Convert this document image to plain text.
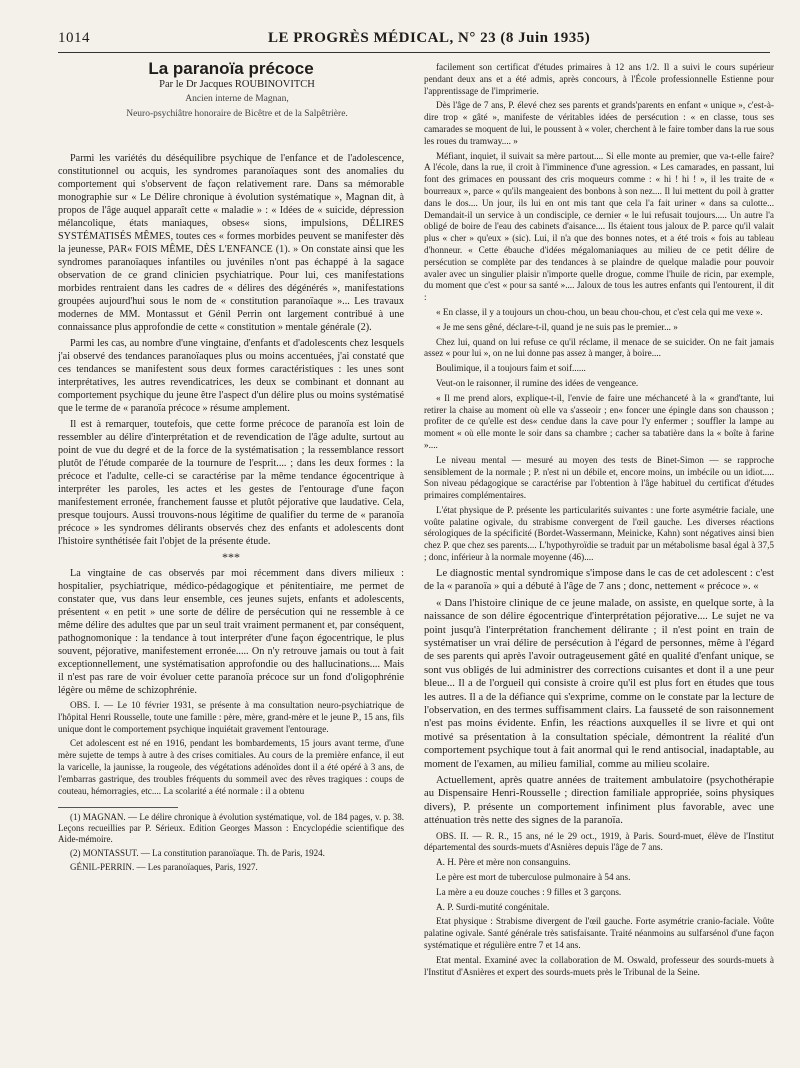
1014	LE PROGRÈS MÉDICAL, N° 23 (8 Juin 1935)

La paranoïa précoce

Par le Dr Jacques ROUBINOVITCH

Ancien interne de Magnan,

Neuro-psychiâtre honoraire de Bicêtre et de la Salpêtrière.

Parmi les variétés du déséquilibre psychique de l'enfance et de l'adolescence, constitutionnel ou acquis, les syndromes paranoïaques sont des anomalies du comportement qui s'observent de façon relativement rare. Dans sa mémorable monographie sur « Le Délire chronique à évolution systématique », Magnan dit, à propos de l'âge auquel apparaît cette « maladie » : « Idées de « suicide, dépression mélancolique, états maniaques, obses« sions, impulsions, DÉLIRES SYSTÉMATISÉS MÊMES, toutes ces « formes morbides peuvent se manifester dès la jeunesse, PAR« FOIS MÊME, DÈS L'ENFANCE (1). » On constate ainsi que les syndromes paranoïaques infantiles ou juvéniles n'ont pas échappé à la sagace observation de ce grand clinicien psychiatrique. Pour lui, ces manifestations morbides rentraient dans les cadres de « délires des dégénérés », manifestations groupées aujourd'hui sous le nom de « constitution paranoïaque »... Les travaux modernes de MM. Montassut et Génil Perrin ont largement contribué à une connaissance plus approfondie de cette « constitution » mentale générale (2).

Parmi les cas, au nombre d'une vingtaine, d'enfants et d'adolescents chez lesquels j'ai observé des tendances paranoïaques plus ou moins accentuées, j'ai constaté que ces tendances se manifestent sous deux formes caractéristiques : les unes sont interprétatives, les autres revendicatrices, les deux se combinant et donnant au comportement psychique du jeune être l'aspect d'un délire plus ou moins systématisé que le terme de « paranoïa précoce » résume amplement.

Il est à remarquer, toutefois, que cette forme précoce de paranoïa est loin de ressembler au délire d'interprétation et de revendication de l'âge adulte, surtout au point de vue du degré et de la force de la systématisation ; la ressemblance ressort plutôt de l'étude comparée de la tournure de l'esprit.... ; dans les deux formes : la précoce et l'adulte, celle-ci se caractérise par la même tendance égocentrique à interpréter les paroles, les actes et les gestes de l'entourage d'une façon manifestement erronée, franchement fausse et plutôt péjorative que laudative. Cela, presque toujours. Aussi trouvons-nous légitime de qualifier du terme de « paranoïa précoce » les syndromes délirants observés chez des enfants et adolescents dont l'histoire synthétisée fait l'objet de la présente étude.

***

La vingtaine de cas observés par moi récemment dans divers milieux : hospitalier, psychiatrique, médico-pédagogique et pénitentiaire, me permet de constater que, vus dans leur ensemble, ces jeunes sujets, enfants et adolescents, présentent « en petit » une sorte de délire de persécution qui ne ressemble à ce même délire des adultes que par un seul trait vraiment permanent et, par conséquent, pathognomonique : la tendance à tout interpréter d'une façon égocentrique, le plus souvent, péjorative, manifestement erronée..... On n'y retrouve jamais ou tout à fait exceptionnellement, une systématisation approfondie ou des hallucinations.... Mais il n'est pas rare de voir évoluer cette paranoïa précoce sur un fond d'oligophrénie légère ou même de schizophrénie.

OBS. I. — Le 10 février 1931, se présente à ma consultation neuro-psychiatrique de l'hôpital Henri Rousselle, toute une famille : père, mère, grand-mère et le jeune P., 15 ans, fils unique dont le comportement psychique inquiétait gravement l'entourage.

Cet adolescent est né en 1916, pendant les bombardements, 15 jours avant terme, d'une mère sujette de temps à autre à des crises comitiales. Au cours de la première enfance, il eut la varicelle, la jaunisse, la rougeole, des végétations adénoïdes dont il a été opéré à 3 ans, de l'embarras gastrique, des troubles fréquents du sommeil avec des rêves tragiques : coups de couteau, hémorragies, etc.... La scolarité a été normale : il a obtenu

(1) MAGNAN. — Le délire chronique à évolution systématique, vol. de 184 pages, v. p. 38. Leçons recueillies par P. Sérieux. Edition Georges Masson : Encyclopédie scientifique des Aide-mémoire.

(2) MONTASSUT. — La constitution paranoïaque. Th. de Paris, 1924.

GÉNIL-PERRIN. — Les paranoïaques, Paris, 1927.

facilement son certificat d'études primaires à 12 ans 1/2. Il a suivi le cours supérieur pendant deux ans et a été admis, après concours, à l'École professionnelle Estienne pour l'apprentissage de l'imprimerie.

Dès l'âge de 7 ans, P. élevé chez ses parents et grands'parents en enfant « unique », c'est-à-dire trop « gâté », manifeste de véritables idées de persécution : « en classe, tous ses camarades se moquent de lui, le poussent à « voler, cherchent à le faire tomber dans la rue sous les roues du tramway.... »

Méfiant, inquiet, il suivait sa mère partout.... Si elle monte au premier, que va-t-elle faire? A l'école, dans la rue, il croit à l'imminence d'une agression. « Les camarades, en passant, lui font des grimaces en poussant des cris moqueurs comme : « hi ! hi ! », il les traite de « bourreaux », parce « qu'ils mangeaient des bonbons à son nez.... Il lui mettent du poil à gratter dans le dos.... Un jour, ils lui en ont mis tant que cela l'a fait uriner « dans sa culotte... Demandait-il un service à un condisciple, ce dernier « le lui refusait toujours..... Un autre l'a obligé de boire de l'eau des cabinets d'aisance.... Ils étaient tous jaloux de P. parce qu'il valait plus « cher » qu'eux » (sic). Lui, il n'a que des bonnes notes, et a été trois « fois au tableau d'honneur. « Cette ébauche d'idées mégalomaniaques au milieu de ce petit délire de persécution se complète par des tendances à se plaindre de quelque maladie pour pouvoir avaler avec un singulier plaisir n'importe quelle drogue, comme l'huile de ricin, par exemple, du moment que c'est « pour sa santé ».... Jaloux de tous les autres enfants qui l'entourent, il dit :

« En classe, il y a toujours un chou-chou, un beau chou-chou, et c'est cela qui me vexe ».

« Je me sens gêné, déclare-t-il, quand je ne suis pas le premier... »

Chez lui, quand on lui refuse ce qu'il réclame, il menace de se suicider. On ne fait jamais assez « pour lui », on ne lui donne pas assez à manger, à boire....

Boulimique, il a toujours faim et soif......

Veut-on le raisonner, il rumine des idées de vengeance.

« Il me prend alors, explique-t-il, l'envie de faire une méchanceté à la « grand'tante, lui retirer la chaise au moment où elle va s'asseoir ; en« foncer une épingle dans son chausson ; profiter de ce qu'elle est des« cendue dans la cave pour l'y enfermer ; souffler la lampe au moment « où elle monte le soir dans sa chambre ; cacher sa tabatière dans la « boîte à farine »....

Le niveau mental — mesuré au moyen des tests de Binet-Simon — se rapproche sensiblement de la normale ; P. n'est ni un débile et, encore moins, un imbécile ou un idiot..... Son niveau pédagogique se caractérise par l'obtention à l'âge habituel du certificat d'études primaires complémentaires.

L'état physique de P. présente les particularités suivantes : une forte asymétrie faciale, une voûte palatine ogivale, du strabisme convergent de l'œil gauche. Les diverses réactions sérologiques de la spécificité (Bordet-Wassermann, Meinicke, Kahn) sont négatives ainsi bien chez P. que chez ses parents.... L'hypothyroïdie se traduit par un métabolisme basal égal à 37,5 ; donc, inférieur à la normale moyenne (46)....

Le diagnostic mental syndromique s'impose dans le cas de cet adolescent : c'est de la « paranoïa » qui a débuté à l'âge de 7 ans ; donc, nettement « précoce ». «

« Dans l'histoire clinique de ce jeune malade, on assiste, en quelque sorte, à la naissance de son délire égocentrique d'interprétation péjorative.... Le sujet ne va point jusqu'à l'interprétation franchement délirante ; il n'est point en train de systématiser un vrai délire de persécution à l'égard de personnes, même à l'égard de ses parents qui après l'avoir outrageusement gâté en qualité d'enfant unique, se sont vus obligés de lui administrer des corrections cuisantes et dont il a une peur bleue... Il a de l'orgueil qui consiste à croire qu'il est plus fort en études que tous les autres. Il a de la défiance qui s'exprime, comme on le constate par la lecture de l'observation, en des termes suffisamment clairs. La fausseté de son raisonnement n'est pas moins évidente. Enfin, les réactions auxquelles il se livre et qui ont motivé sa présentation à la consultation spéciale, démontrent la réalité d'un comportement psychique tout à fait anormal qui le rend antisocial, inadaptable, au moment de l'examen, au milieu familial, comme au milieu scolaire.

Actuellement, après quatre années de traitement ambulatoire (psychothérapie au Dispensaire Henri-Rousselle ; direction familiale appropriée, soins physiques divers), P. présente un comportement infiniment plus favorable, avec une atténuation très nette des signes de la paranoïa.

OBS. II. — R. R., 15 ans, né le 29 oct., 1919, à Paris. Sourd-muet, élève de l'Institut départemental des sourds-muets d'Asnières depuis l'âge de 7 ans.

A. H. Père et mère non consanguins.

Le père est mort de tuberculose pulmonaire à 54 ans.

La mère a eu douze couches : 9 filles et 3 garçons.

A. P. Surdi-mutité congénitale.

Etat physique : Strabisme divergent de l'œil gauche. Forte asymétrie cranio-faciale. Voûte palatine ogivale. Santé générale très satisfaisante. Traité néanmoins au sulfarsénol d'une façon systématique et régulière entre 7 et 14 ans.

Etat mental. Examiné avec la collaboration de M. Oswald, professeur des sourds-muets à l'Institut d'Asnières et expert des sourds-muets près le Tribunal de la Seine.
